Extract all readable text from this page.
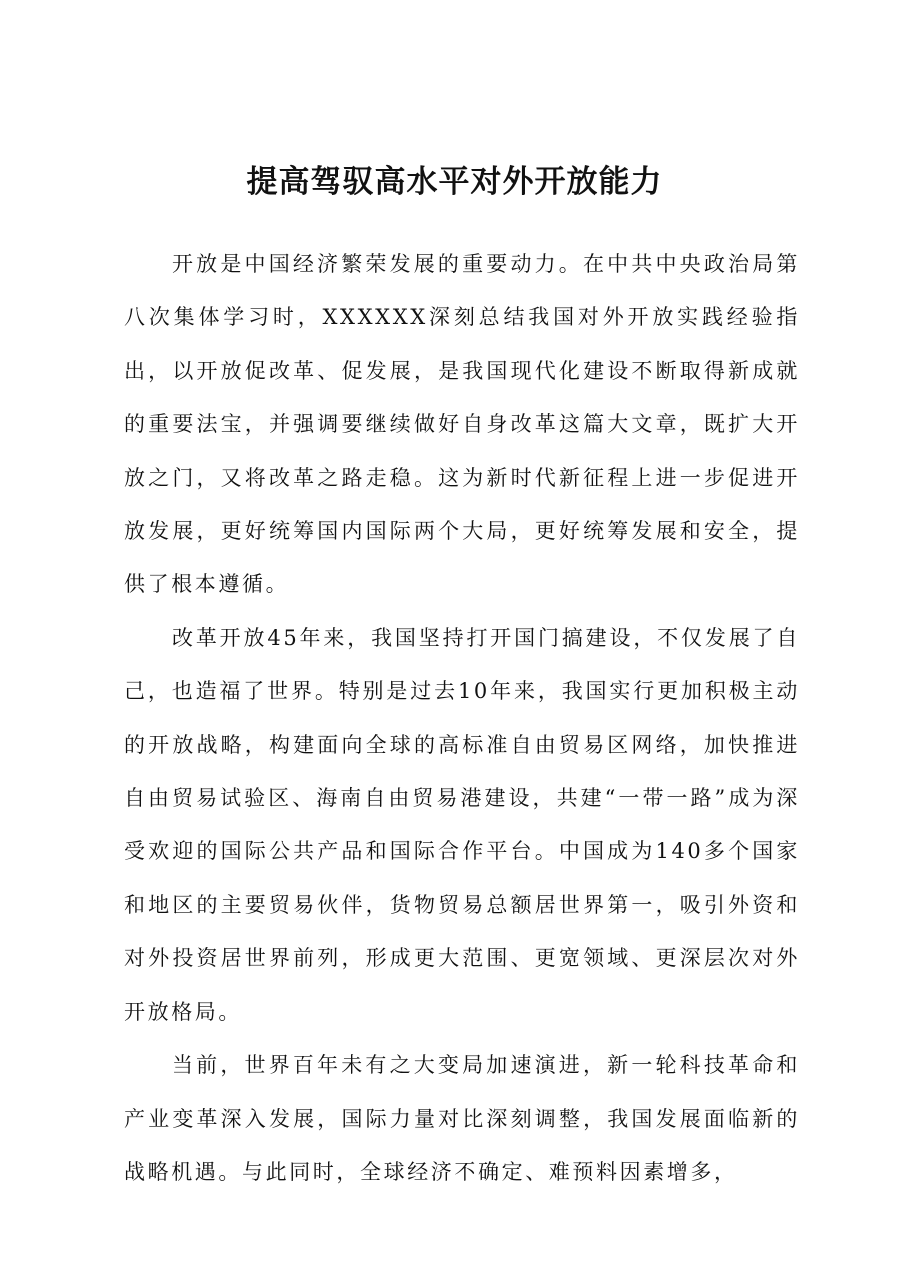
提高驾驭高水平对外开放能力

开放是中国经济繁荣发展的重要动力。在中共中央政治局第八次集体学习时，XXXXXX深刻总结我国对外开放实践经验指出，以开放促改革、促发展，是我国现代化建设不断取得新成就的重要法宝，并强调要继续做好自身改革这篇大文章，既扩大开放之门，又将改革之路走稳。这为新时代新征程上进一步促进开放发展，更好统筹国内国际两个大局，更好统筹发展和安全，提供了根本遵循。

改革开放45年来，我国坚持打开国门搞建设，不仅发展了自己，也造福了世界。特别是过去10年来，我国实行更加积极主动的开放战略，构建面向全球的高标准自由贸易区网络，加快推进自由贸易试验区、海南自由贸易港建设，共建“一带一路”成为深受欢迎的国际公共产品和国际合作平台。中国成为140多个国家和地区的主要贸易伙伴，货物贸易总额居世界第一，吸引外资和对外投资居世界前列，形成更大范围、更宽领域、更深层次对外开放格局。

当前，世界百年未有之大变局加速演进，新一轮科技革命和产业变革深入发展，国际力量对比深刻调整，我国发展面临新的战略机遇。与此同时，全球经济不确定、难预料因素增多，
